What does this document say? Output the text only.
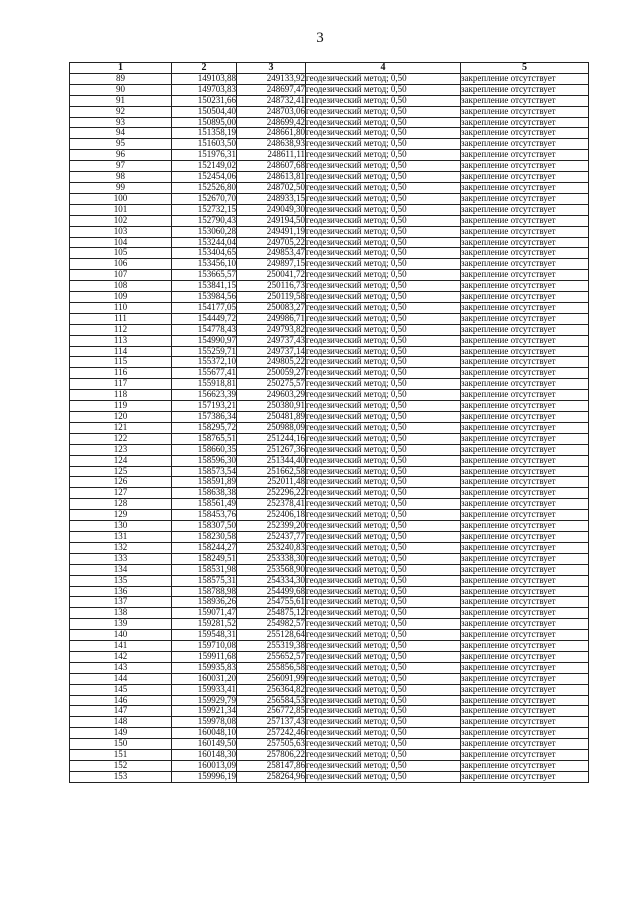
3
1	2	3	4	5
89	149103,88	249133,92	геодезический метод; 0,50	закрепление отсутствует
90	149703,83	248697,47	геодезический метод; 0,50	закрепление отсутствует
91	150231,66	248732,41	геодезический метод; 0,50	закрепление отсутствует
92	150504,40	248703,06	геодезический метод; 0,50	закрепление отсутствует
93	150895,00	248699,42	геодезический метод; 0,50	закрепление отсутствует
94	151358,19	248661,80	геодезический метод; 0,50	закрепление отсутствует
95	151603,50	248638,93	геодезический метод; 0,50	закрепление отсутствует
96	151976,31	248611,11	геодезический метод; 0,50	закрепление отсутствует
97	152149,02	248607,68	геодезический метод; 0,50	закрепление отсутствует
98	152454,06	248613,81	геодезический метод; 0,50	закрепление отсутствует
99	152526,80	248702,50	геодезический метод; 0,50	закрепление отсутствует
100	152670,70	248933,15	геодезический метод; 0,50	закрепление отсутствует
101	152732,15	249049,30	геодезический метод; 0,50	закрепление отсутствует
102	152790,43	249194,50	геодезический метод; 0,50	закрепление отсутствует
103	153060,28	249491,19	геодезический метод; 0,50	закрепление отсутствует
104	153244,04	249705,22	геодезический метод; 0,50	закрепление отсутствует
105	153404,65	249853,47	геодезический метод; 0,50	закрепление отсутствует
106	153456,10	249897,15	геодезический метод; 0,50	закрепление отсутствует
107	153665,57	250041,72	геодезический метод; 0,50	закрепление отсутствует
108	153841,15	250116,73	геодезический метод; 0,50	закрепление отсутствует
109	153984,56	250119,58	геодезический метод; 0,50	закрепление отсутствует
110	154177,05	250083,27	геодезический метод; 0,50	закрепление отсутствует
111	154449,72	249986,71	геодезический метод; 0,50	закрепление отсутствует
112	154778,43	249793,82	геодезический метод; 0,50	закрепление отсутствует
113	154990,97	249737,43	геодезический метод; 0,50	закрепление отсутствует
114	155259,71	249737,14	геодезический метод; 0,50	закрепление отсутствует
115	155372,10	249805,22	геодезический метод; 0,50	закрепление отсутствует
116	155677,41	250059,27	геодезический метод; 0,50	закрепление отсутствует
117	155918,81	250275,57	геодезический метод; 0,50	закрепление отсутствует
118	156623,39	249603,29	геодезический метод; 0,50	закрепление отсутствует
119	157193,21	250380,91	геодезический метод; 0,50	закрепление отсутствует
120	157386,34	250481,89	геодезический метод; 0,50	закрепление отсутствует
121	158295,72	250988,09	геодезический метод; 0,50	закрепление отсутствует
122	158765,51	251244,16	геодезический метод; 0,50	закрепление отсутствует
123	158660,35	251267,36	геодезический метод; 0,50	закрепление отсутствует
124	158596,30	251344,40	геодезический метод; 0,50	закрепление отсутствует
125	158573,54	251662,58	геодезический метод; 0,50	закрепление отсутствует
126	158591,89	252011,48	геодезический метод; 0,50	закрепление отсутствует
127	158638,38	252296,22	геодезический метод; 0,50	закрепление отсутствует
128	158561,49	252378,41	геодезический метод; 0,50	закрепление отсутствует
129	158453,76	252406,18	геодезический метод; 0,50	закрепление отсутствует
130	158307,50	252399,20	геодезический метод; 0,50	закрепление отсутствует
131	158230,58	252437,77	геодезический метод; 0,50	закрепление отсутствует
132	158244,27	253240,83	геодезический метод; 0,50	закрепление отсутствует
133	158249,51	253338,30	геодезический метод; 0,50	закрепление отсутствует
134	158531,98	253568,90	геодезический метод; 0,50	закрепление отсутствует
135	158575,31	254334,30	геодезический метод; 0,50	закрепление отсутствует
136	158788,98	254499,68	геодезический метод; 0,50	закрепление отсутствует
137	158936,26	254755,61	геодезический метод; 0,50	закрепление отсутствует
138	159071,47	254875,12	геодезический метод; 0,50	закрепление отсутствует
139	159281,52	254982,57	геодезический метод; 0,50	закрепление отсутствует
140	159548,31	255128,64	геодезический метод; 0,50	закрепление отсутствует
141	159710,08	255319,38	геодезический метод; 0,50	закрепление отсутствует
142	159911,68	255652,57	геодезический метод; 0,50	закрепление отсутствует
143	159935,83	255856,58	геодезический метод; 0,50	закрепление отсутствует
144	160031,20	256091,99	геодезический метод; 0,50	закрепление отсутствует
145	159933,41	256364,82	геодезический метод; 0,50	закрепление отсутствует
146	159929,79	256584,53	геодезический метод; 0,50	закрепление отсутствует
147	159921,34	256772,85	геодезический метод; 0,50	закрепление отсутствует
148	159978,08	257137,43	геодезический метод; 0,50	закрепление отсутствует
149	160048,10	257242,46	геодезический метод; 0,50	закрепление отсутствует
150	160149,50	257505,63	геодезический метод; 0,50	закрепление отсутствует
151	160148,30	257806,22	геодезический метод; 0,50	закрепление отсутствует
152	160013,09	258147,86	геодезический метод; 0,50	закрепление отсутствует
153	159996,19	258264,96	геодезический метод; 0,50	закрепление отсутствует
